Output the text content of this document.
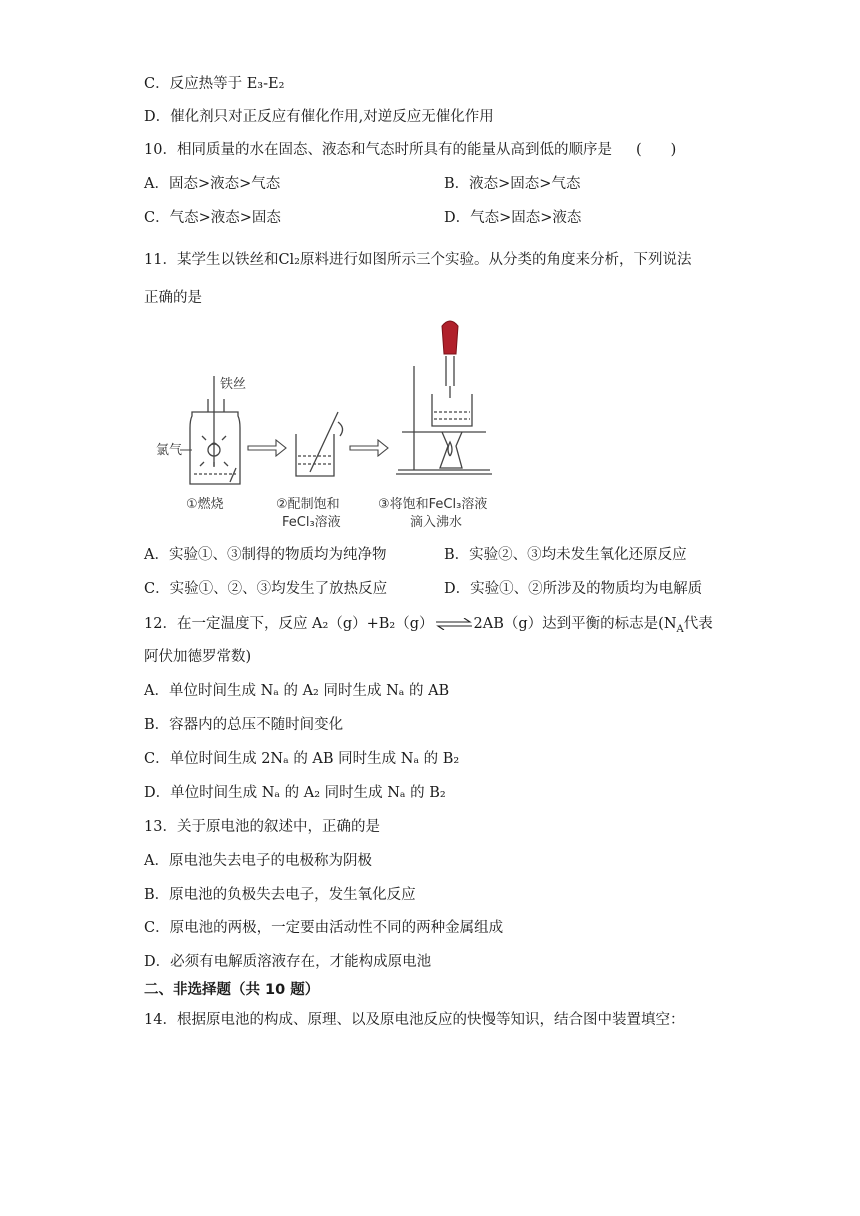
C．反应热等于 E₃-E₂
D．催化剂只对正反应有催化作用,对逆反应无催化作用
10．相同质量的水在固态、液态和气态时所具有的能量从高到低的顺序是 (　　)
A．固态>液态>气态	B．液态>固态>气态
C．气态>液态>固态	D．气态>固态>液态
11．某学生以铁丝和Cl₂原料进行如图所示三个实验。从分类的角度来分析，下列说法
正确的是
铁丝
氯气
①燃烧	②配制饱和
FeCl₃溶液
③将饱和FeCl₃溶液
滴入沸水
A．实验①、③制得的物质均为纯净物	B．实验②、③均未发生氧化还原反应
C．实验①、②、③均发生了放热反应	D．实验①、②所涉及的物质均为电解质
12．在一定温度下，反应 A₂（g）+B₂（g）⇌2AB（g）达到平衡的标志是($N_A$代表
阿伏加德罗常数)
A．单位时间生成 Nₐ 的 A₂ 同时生成 Nₐ 的 AB
B．容器内的总压不随时间变化
C．单位时间生成 2Nₐ 的 AB 同时生成 Nₐ 的 B₂
D．单位时间生成 Nₐ 的 A₂ 同时生成 Nₐ 的 B₂
13．关于原电池的叙述中，正确的是
A．原电池失去电子的电极称为阴极
B．原电池的负极失去电子，发生氧化反应
C．原电池的两极，一定要由活动性不同的两种金属组成
D．必须有电解质溶液存在，才能构成原电池
二、非选择题（共 10 题）
14．根据原电池的构成、原理、以及原电池反应的快慢等知识，结合图中装置填空：
